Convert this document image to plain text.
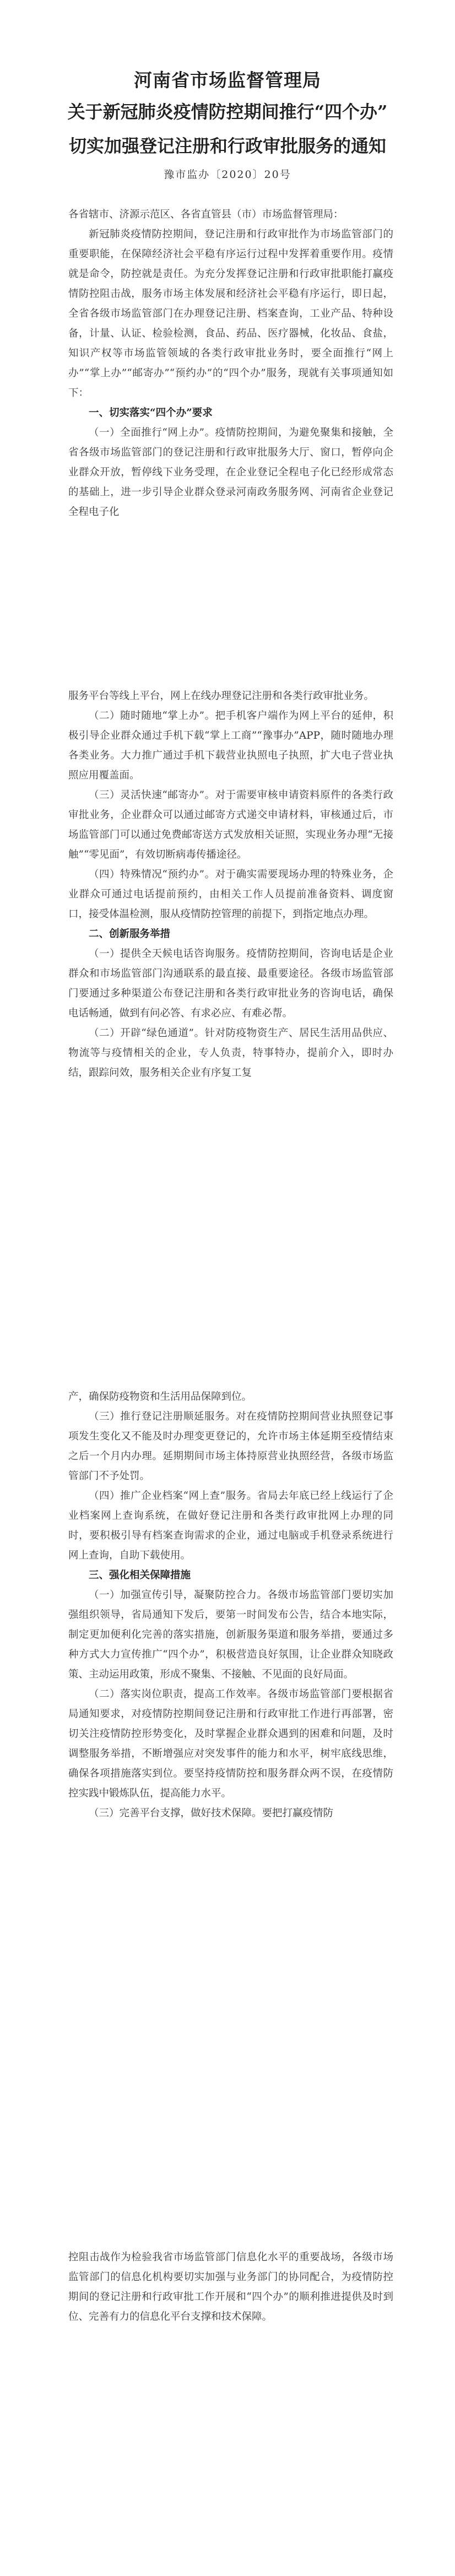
河南省市场监督管理局
关于新冠肺炎疫情防控期间推行“四个办”
切实加强登记注册和行政审批服务的通知
豫市监办〔2020〕20号

各省辖市、济源示范区、各省直管县（市）市场监督管理局：

新冠肺炎疫情防控期间，登记注册和行政审批作为市场监管部门的重要职能，在保障经济社会平稳有序运行过程中发挥着重要作用。疫情就是命令，防控就是责任。为充分发挥登记注册和行政审批职能打赢疫情防控阻击战，服务市场主体发展和经济社会平稳有序运行，即日起，全省各级市场监管部门在办理登记注册、档案查询，工业产品、特种设备，计量、认证、检验检测，食品、药品、医疗器械，化妆品、食盐，知识产权等市场监管领域的各类行政审批业务时，要全面推行“网上办”“掌上办”“邮寄办”“预约办”的“四个办”服务，现就有关事项通知如下：

一、切实落实“四个办”要求

（一）全面推行“网上办”。疫情防控期间，为避免聚集和接触，全省各级市场监管部门的登记注册和行政审批服务大厅、窗口，暂停向企业群众开放，暂停线下业务受理，在企业登记全程电子化已经形成常态的基础上，进一步引导企业群众登录河南政务服务网、河南省企业登记全程电子化

服务平台等线上平台，网上在线办理登记注册和各类行政审批业务。

（二）随时随地“掌上办”。把手机客户端作为网上平台的延伸，积极引导企业群众通过手机下载“掌上工商”“豫事办”APP，随时随地办理各类业务。大力推广通过手机下载营业执照电子执照，扩大电子营业执照应用覆盖面。

（三）灵活快速“邮寄办”。对于需要审核申请资料原件的各类行政审批业务，企业群众可以通过邮寄方式递交申请材料，审核通过后，市场监管部门可以通过免费邮寄送方式发放相关证照，实现业务办理“无接触”“零见面”，有效切断病毒传播途径。

（四）特殊情况“预约办”。对于确实需要现场办理的特殊业务，企业群众可通过电话提前预约，由相关工作人员提前准备资料、调度窗口，接受体温检测，服从疫情防控管理的前提下，到指定地点办理。

二、创新服务举措

（一）提供全天候电话咨询服务。疫情防控期间，咨询电话是企业群众和市场监管部门沟通联系的最直接、最重要途径。各级市场监管部门要通过多种渠道公布登记注册和各类行政审批业务的咨询电话，确保电话畅通，做到有问必答、有求必应、有难必帮。

（二）开辟“绿色通道”。针对防疫物资生产、居民生活用品供应、物流等与疫情相关的企业，专人负责，特事特办，提前介入，即时办结，跟踪问效，服务相关企业有序复工复

产，确保防疫物资和生活用品保障到位。

（三）推行登记注册顺延服务。对在疫情防控期间营业执照登记事项发生变化又不能及时办理变更登记的，允许市场主体延期至疫情结束之后一个月内办理。延期期间市场主体持原营业执照经营，各级市场监管部门不予处罚。

（四）推广企业档案“网上查”服务。省局去年底已经上线运行了企业档案网上查询系统，在做好登记注册和各类行政审批网上办理的同时，要积极引导有档案查询需求的企业，通过电脑或手机登录系统进行网上查询，自助下载使用。

三、强化相关保障措施

（一）加强宣传引导，凝聚防控合力。各级市场监管部门要切实加强组织领导，省局通知下发后，要第一时间发布公告，结合本地实际，制定更加便利化完善的落实措施，创新服务渠道和服务举措，要通过多种方式大力宣传推广“四个办”，积极营造良好氛围，让企业群众知晓政策、主动运用政策，形成不聚集、不接触、不见面的良好局面。

（二）落实岗位职责，提高工作效率。各级市场监管部门要根据省局通知要求，对疫情防控期间登记注册和行政审批工作进行再部署，密切关注疫情防控形势变化，及时掌握企业群众遇到的困难和问题，及时调整服务举措，不断增强应对突发事件的能力和水平，树牢底线思维，确保各项措施落实到位。要坚持疫情防控和服务群众两不误，在疫情防控实践中锻炼队伍，提高能力水平。

（三）完善平台支撑，做好技术保障。要把打赢疫情防

控阻击战作为检验我省市场监管部门信息化水平的重要战场，各级市场监管部门的信息化机构要切实加强与业务部门的协同配合，为疫情防控期间的登记注册和行政审批工作开展和“四个办”的顺利推进提供及时到位、完善有力的信息化平台支撑和技术保障。
